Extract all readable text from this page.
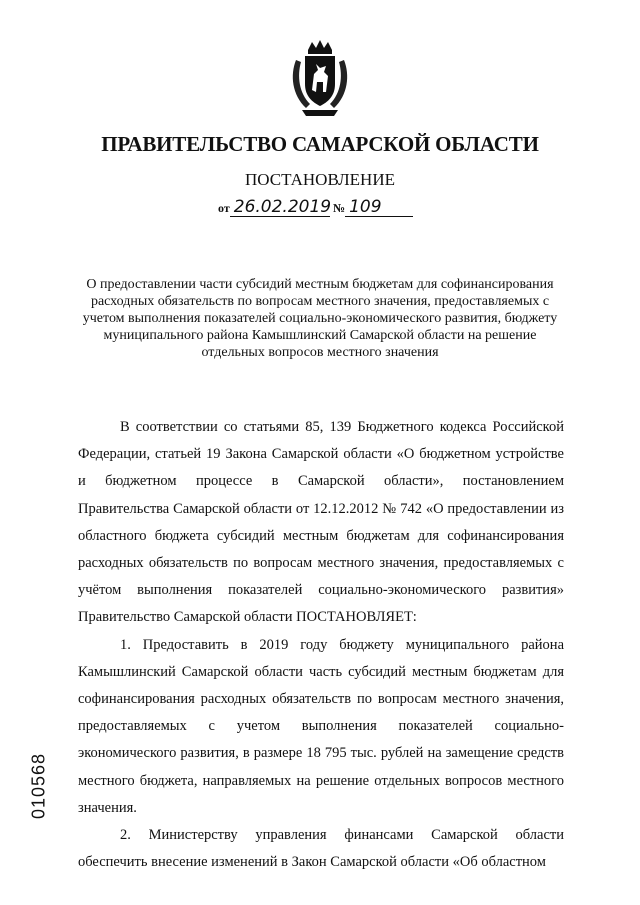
ПРАВИТЕЛЬСТВО САМАРСКОЙ ОБЛАСТИ
ПОСТАНОВЛЕНИЕ
от 26.02.2019 № 109
О предоставлении части субсидий местным бюджетам для софинансирования расходных обязательств по вопросам местного значения, предоставляемых с учетом выполнения показателей социально-экономического развития, бюджету муниципального района Камышлинский Самарской области на решение отдельных вопросов местного значения

В соответствии со статьями 85, 139 Бюджетного кодекса Российской Федерации, статьей 19 Закона Самарской области «О бюджетном устройстве и бюджетном процессе в Самарской области», постановлением Правительства Самарской области от 12.12.2012 № 742 «О предоставлении из областного бюджета субсидий местным бюджетам для софинансирования расходных обязательств по вопросам местного значения, предоставляемых с учётом выполнения показателей социально-экономического развития» Правительство Самарской области ПОСТАНОВЛЯЕТ:

1. Предоставить в 2019 году бюджету муниципального района Камышлинский Самарской области часть субсидий местным бюджетам для софинансирования расходных обязательств по вопросам местного значения, предоставляемых с учетом выполнения показателей социально-экономического развития, в размере 18 795 тыс. рублей на замещение средств местного бюджета, направляемых на решение отдельных вопросов местного значения.

2. Министерству управления финансами Самарской области обеспечить внесение изменений в Закон Самарской области «Об областном

010568
